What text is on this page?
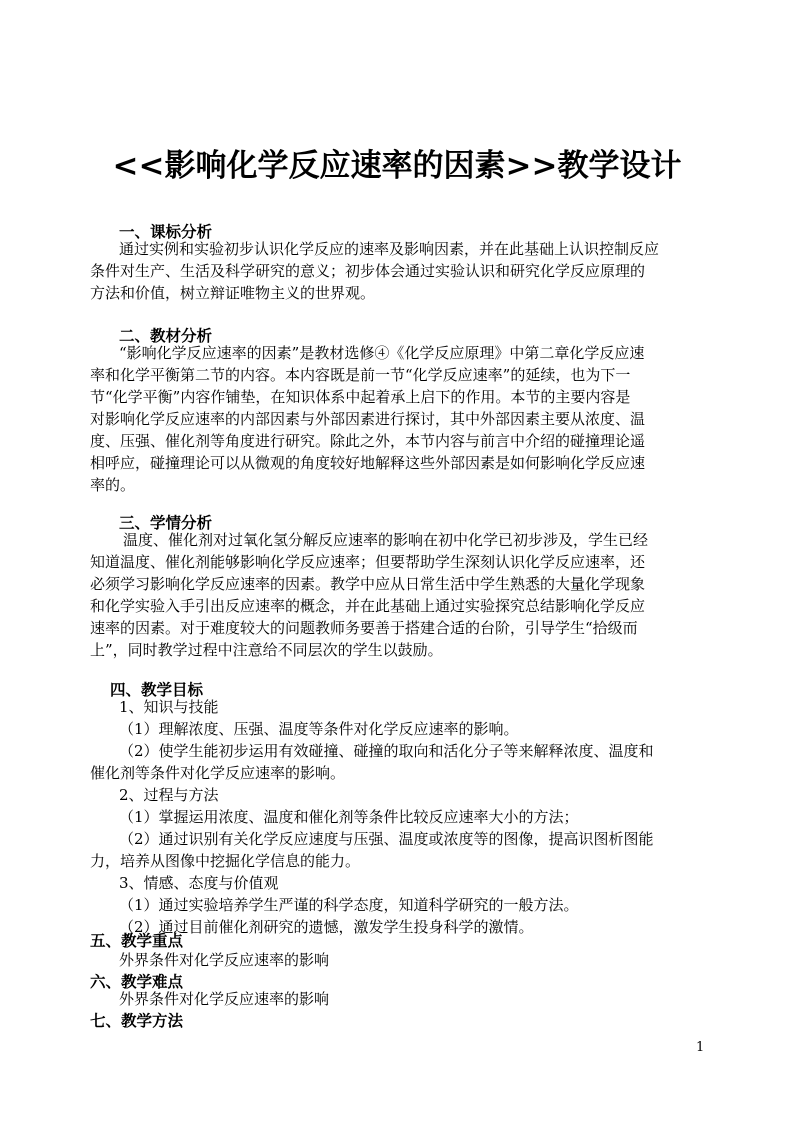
<<影响化学反应速率的因素>>教学设计
一、课标分析
通过实例和实验初步认识化学反应的速率及影响因素，并在此基础上认识控制反应
条件对生产、生活及科学研究的意义；初步体会通过实验认识和研究化学反应原理的
方法和价值，树立辩证唯物主义的世界观。
二、教材分析
“影响化学反应速率的因素”是教材选修④《化学反应原理》中第二章化学反应速
率和化学平衡第二节的内容。本内容既是前一节“化学反应速率”的延续，也为下一
节“化学平衡”内容作铺垫，在知识体系中起着承上启下的作用。本节的主要内容是
对影响化学反应速率的内部因素与外部因素进行探讨，其中外部因素主要从浓度、温
度、压强、催化剂等角度进行研究。除此之外，本节内容与前言中介绍的碰撞理论遥
相呼应，碰撞理论可以从微观的角度较好地解释这些外部因素是如何影响化学反应速
率的。
三、学情分析
温度、催化剂对过氧化氢分解反应速率的影响在初中化学已初步涉及，学生已经
知道温度、催化剂能够影响化学反应速率；但要帮助学生深刻认识化学反应速率，还
必须学习影响化学反应速率的因素。教学中应从日常生活中学生熟悉的大量化学现象
和化学实验入手引出反应速率的概念，并在此基础上通过实验探究总结影响化学反应
速率的因素。对于难度较大的问题教师务要善于搭建合适的台阶，引导学生“拾级而
上”，同时教学过程中注意给不同层次的学生以鼓励。
四、教学目标
1、知识与技能
（1）理解浓度、压强、温度等条件对化学反应速率的影响。
（2）使学生能初步运用有效碰撞、碰撞的取向和活化分子等来解释浓度、温度和
催化剂等条件对化学反应速率的影响。
2、过程与方法
（1）掌握运用浓度、温度和催化剂等条件比较反应速率大小的方法；
（2）通过识别有关化学反应速度与压强、温度或浓度等的图像，提高识图析图能
力，培养从图像中挖掘化学信息的能力。
3、情感、态度与价值观
（1）通过实验培养学生严谨的科学态度，知道科学研究的一般方法。
（2）通过目前催化剂研究的遗憾，激发学生投身科学的激情。
五、教学重点
外界条件对化学反应速率的影响
六、教学难点
外界条件对化学反应速率的影响
七、教学方法
1
